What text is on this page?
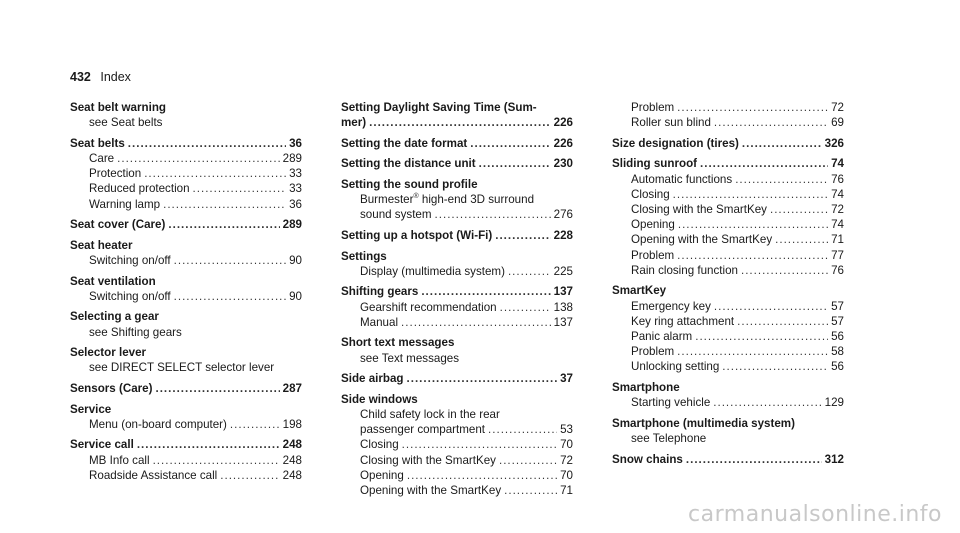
432 Index
Seat belt warning
see Seat belts
Seat belts .....	36
Care .....	289
Protection .....	33
Reduced protection .....	33
Warning lamp .....	36
Seat cover (Care) .....	289
Seat heater
Switching on/off .....	90
Seat ventilation
Switching on/off .....	90
Selecting a gear
see Shifting gears
Selector lever
see DIRECT SELECT selector lever
Sensors (Care) .....	287
Service
Menu (on-board computer) .....	198
Service call .....	248
MB Info call .....	248
Roadside Assistance call .....	248
Setting Daylight Saving Time (Sum-
mer) .....	226
Setting the date format .....	226
Setting the distance unit .....	230
Setting the sound profile
Burmester® high-end 3D surround
sound system .....	276
Setting up a hotspot (Wi-Fi) .....	228
Settings
Display (multimedia system) .....	225
Shifting gears .....	137
Gearshift recommendation .....	138
Manual .....	137
Short text messages
see Text messages
Side airbag .....	37
Side windows
Child safety lock in the rear
passenger compartment .....	53
Closing .....	70
Closing with the SmartKey .....	72
Opening .....	70
Opening with the SmartKey .....	71
Problem .....	72
Roller sun blind .....	69
Size designation (tires) .....	326
Sliding sunroof .....	74
Automatic functions .....	76
Closing .....	74
Closing with the SmartKey .....	72
Opening .....	74
Opening with the SmartKey .....	71
Problem .....	77
Rain closing function .....	76
SmartKey
Emergency key .....	57
Key ring attachment .....	57
Panic alarm .....	56
Problem .....	58
Unlocking setting .....	56
Smartphone
Starting vehicle .....	129
Smartphone (multimedia system)
see Telephone
Snow chains .....	312
carmanualsonline.info
